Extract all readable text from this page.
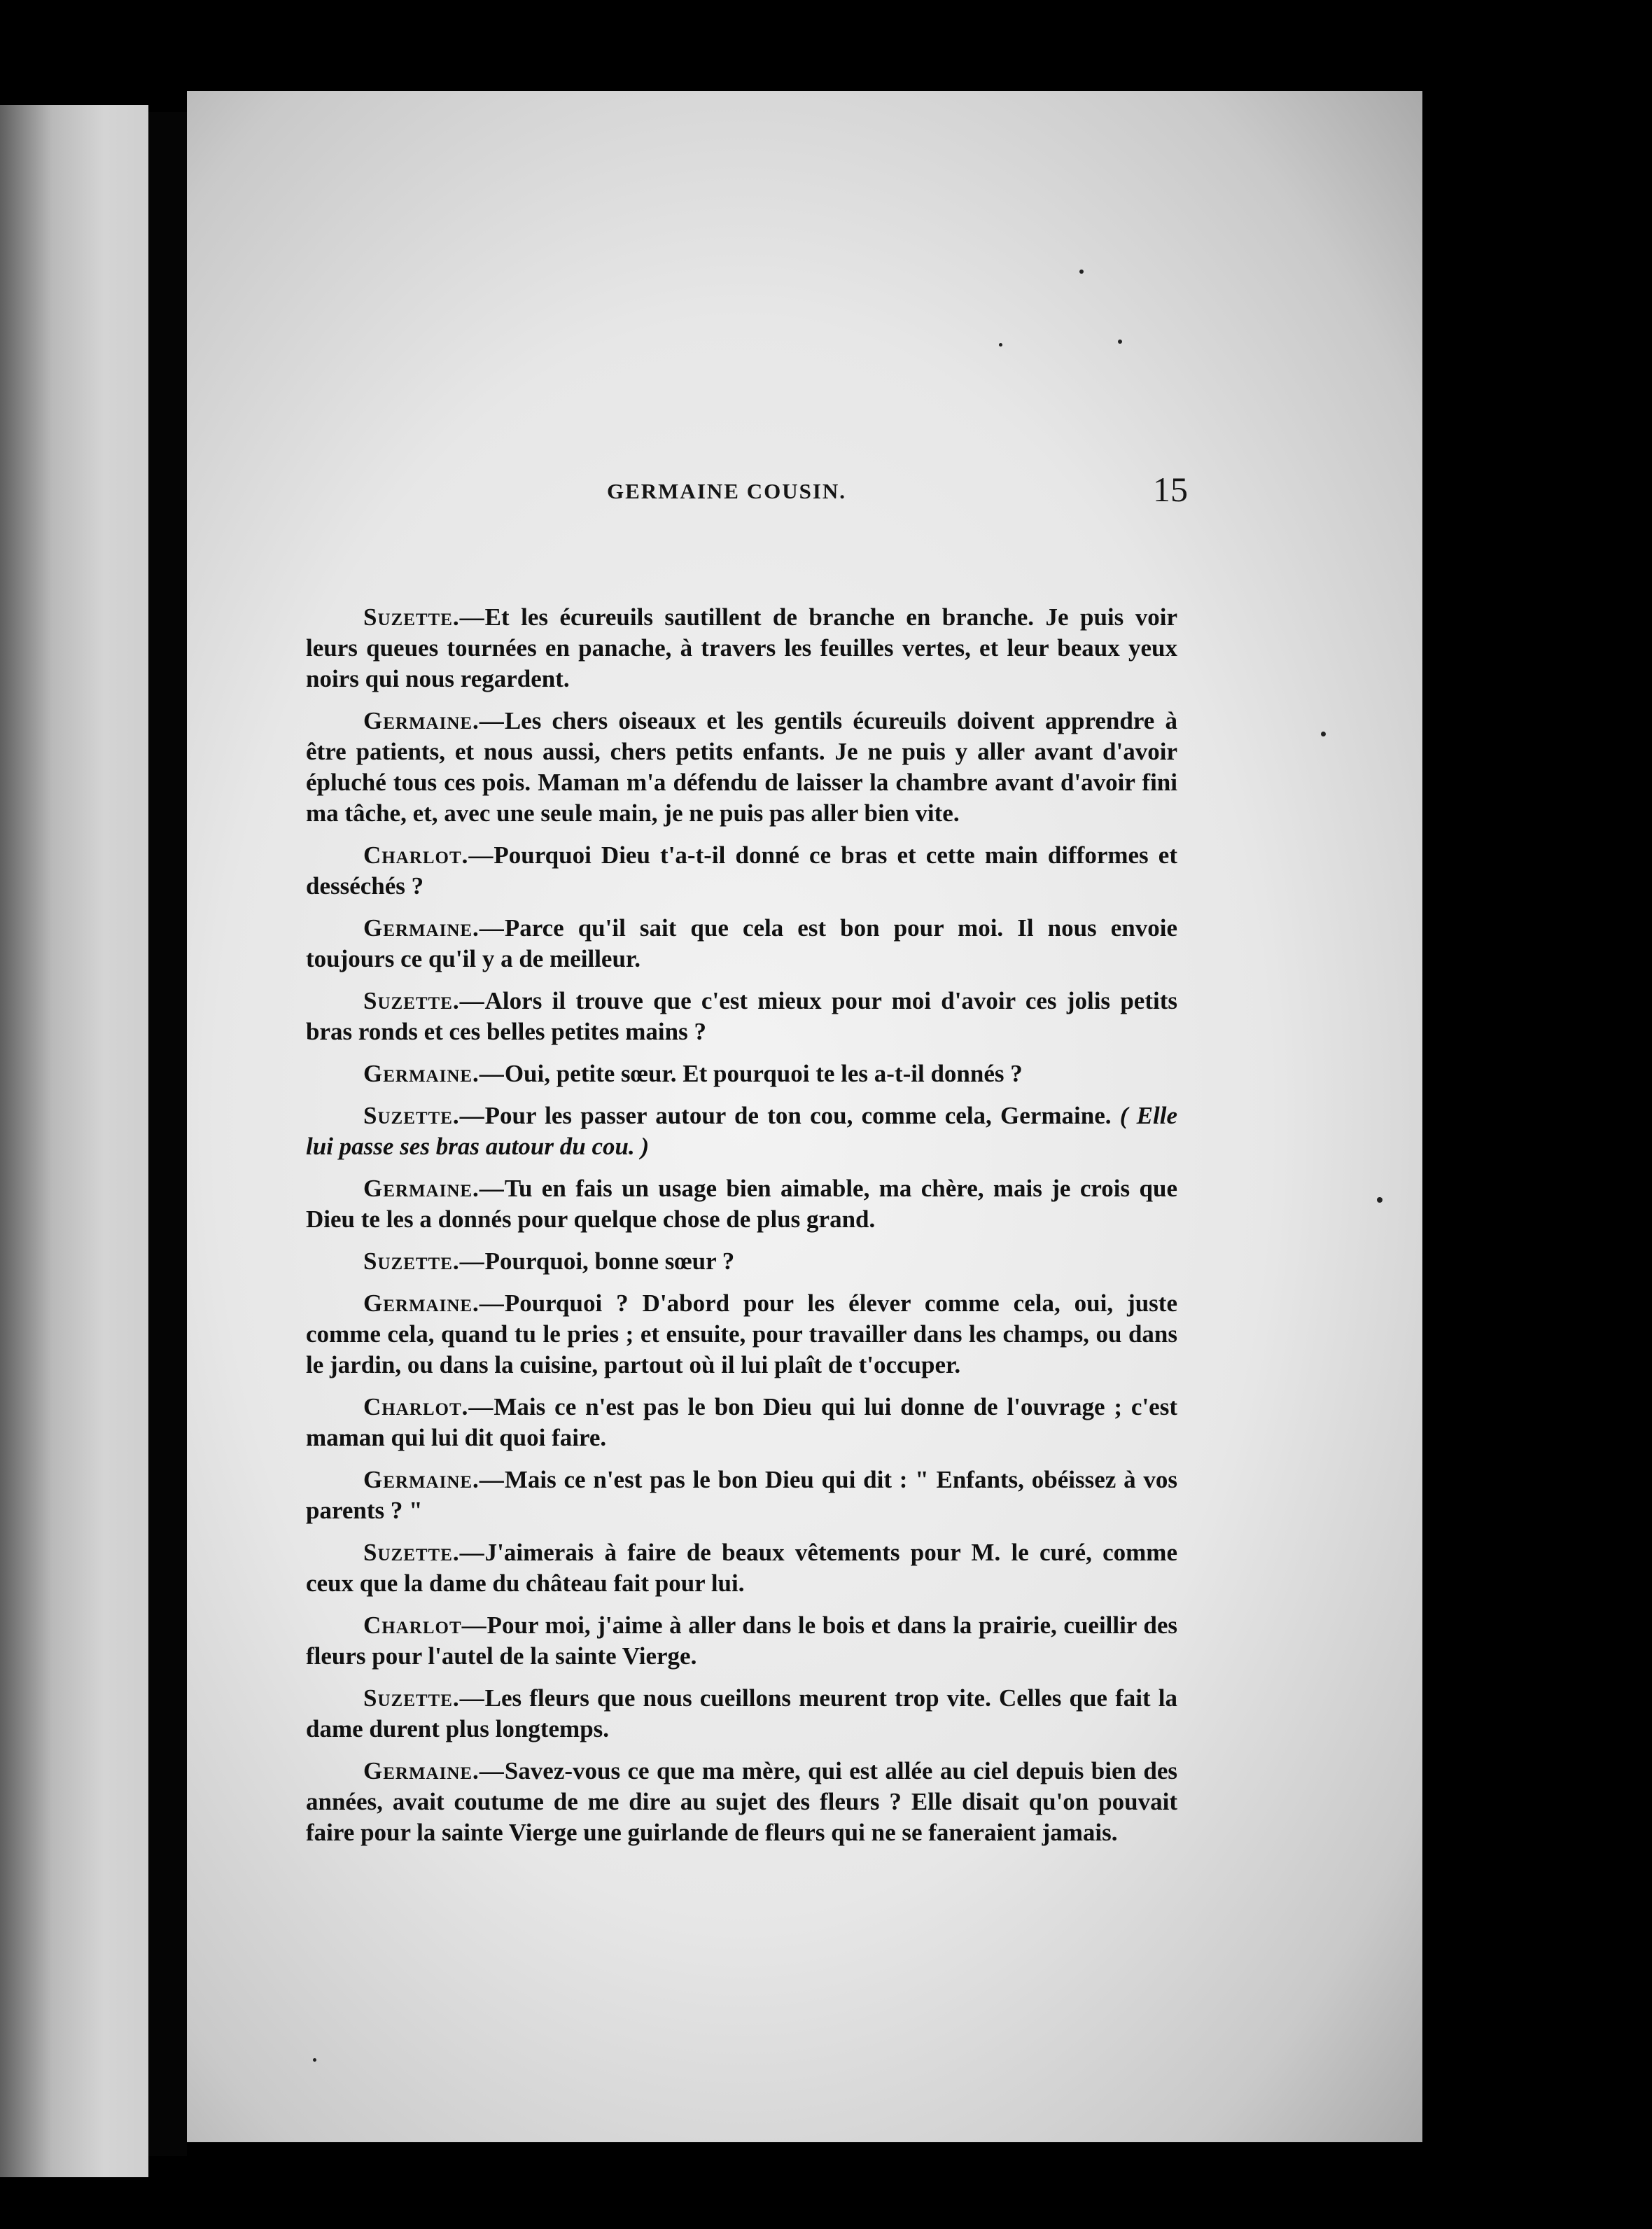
GERMAINE COUSIN.	15

Suzette.—Et les écureuils sautillent de branche en branche. Je puis voir leurs queues tournées en panache, à travers les feuilles vertes, et leur beaux yeux noirs qui nous regardent.

Germaine.—Les chers oiseaux et les gentils écureuils doivent apprendre à être patients, et nous aussi, chers petits enfants. Je ne puis y aller avant d'avoir épluché tous ces pois. Maman m'a défendu de laisser la chambre avant d'avoir fini ma tâche, et, avec une seule main, je ne puis pas aller bien vite.

Charlot.—Pourquoi Dieu t'a-t-il donné ce bras et cette main difformes et desséchés ?

Germaine.—Parce qu'il sait que cela est bon pour moi. Il nous envoie toujours ce qu'il y a de meilleur.

Suzette.—Alors il trouve que c'est mieux pour moi d'avoir ces jolis petits bras ronds et ces belles petites mains ?

Germaine.—Oui, petite sœur. Et pourquoi te les a-t-il donnés ?

Suzette.—Pour les passer autour de ton cou, comme cela, Germaine. ( Elle lui passe ses bras autour du cou. )

Germaine.—Tu en fais un usage bien aimable, ma chère, mais je crois que Dieu te les a donnés pour quelque chose de plus grand.

Suzette.—Pourquoi, bonne sœur ?

Germaine.—Pourquoi ? D'abord pour les élever comme cela, oui, juste comme cela, quand tu le pries ; et ensuite, pour travailler dans les champs, ou dans le jardin, ou dans la cuisine, partout où il lui plaît de t'occuper.

Charlot.—Mais ce n'est pas le bon Dieu qui lui donne de l'ouvrage ; c'est maman qui lui dit quoi faire.

Germaine.—Mais ce n'est pas le bon Dieu qui dit : " Enfants, obéissez à vos parents ? "

Suzette.—J'aimerais à faire de beaux vêtements pour M. le curé, comme ceux que la dame du château fait pour lui.

Charlot—Pour moi, j'aime à aller dans le bois et dans la prairie, cueillir des fleurs pour l'autel de la sainte Vierge.

Suzette.—Les fleurs que nous cueillons meurent trop vite. Celles que fait la dame durent plus longtemps.

Germaine.—Savez-vous ce que ma mère, qui est allée au ciel depuis bien des années, avait coutume de me dire au sujet des fleurs ? Elle disait qu'on pouvait faire pour la sainte Vierge une guirlande de fleurs qui ne se faneraient jamais.
